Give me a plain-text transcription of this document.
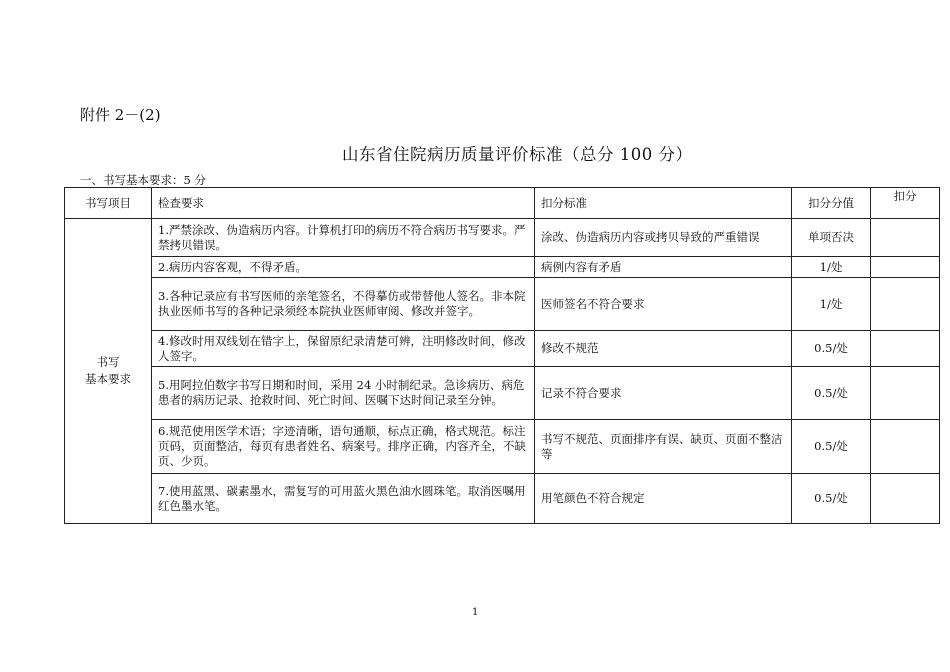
附件 2－(2)
山东省住院病历质量评价标准（总分 100 分）
一、书写基本要求：5 分
书写项目	检查要求	扣分标准	扣分分值	扣分
书写
基本要求	1.严禁涂改、伪造病历内容。计算机打印的病历不符合病历书写要求。严禁拷贝错误。	涂改、伪造病历内容或拷贝导致的严重错误	单项否决	
	2.病历内容客观，不得矛盾。	病例内容有矛盾	1/处	
	3.各种记录应有书写医师的亲笔签名，不得摹仿或带替他人签名。非本院执业医师书写的各种记录须经本院执业医师审阅、修改并签字。	医师签名不符合要求	1/处	
	4.修改时用双线划在错字上，保留原纪录清楚可辨，注明修改时间，修改人签字。	修改不规范	0.5/处	
	5.用阿拉伯数字书写日期和时间，采用 24 小时制纪录。急诊病历、病危患者的病历记录、抢救时间、死亡时间、医嘱下达时间记录至分钟。	记录不符合要求	0.5/处	
	6.规范使用医学术语；字迹清晰，语句通顺，标点正确，格式规范。标注页码，页面整洁，每页有患者姓名、病案号。排序正确，内容齐全，不缺页、少页。	书写不规范、页面排序有误、缺页、页面不整洁等	0.5/处	
	7.使用蓝黑、碳素墨水，需复写的可用蓝火黑色油水圆珠笔。取消医嘱用红色墨水笔。	用笔颜色不符合规定	0.5/处	
1
